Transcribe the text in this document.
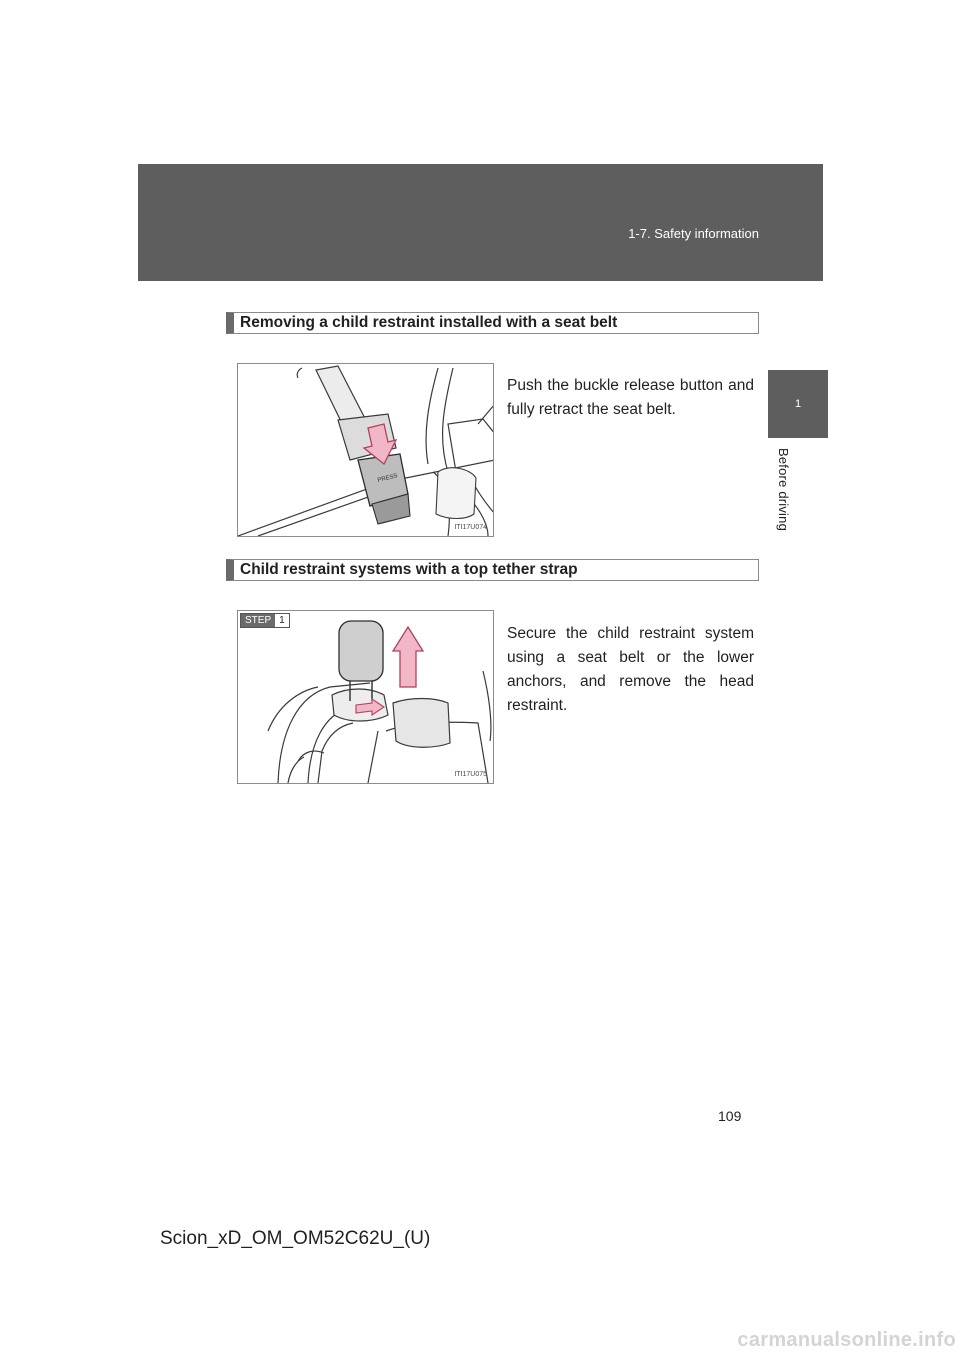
1-7. Safety information
1
Before driving
Removing a child restraint installed with a seat belt
PRESS
ITI17U074
Push the buckle release button and fully retract the seat belt.
Child restraint systems with a top tether strap
STEP 1
ITI17U075
Secure the child restraint system using a seat belt or the lower anchors, and remove the head restraint.
109
Scion_xD_OM_OM52C62U_(U)
carmanualsonline.info
